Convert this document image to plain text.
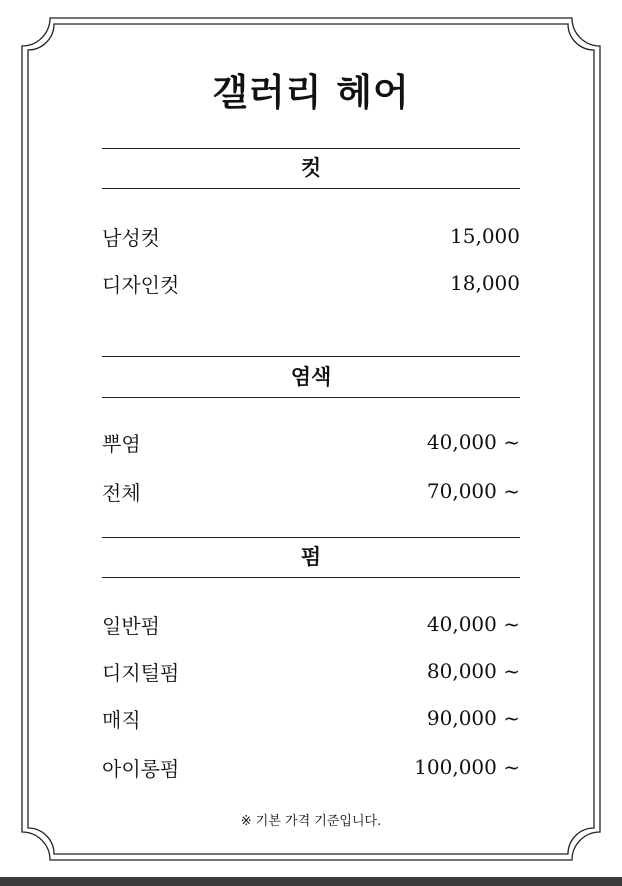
갤러리 헤어
컷
남성컷	15,000
디자인컷	18,000
염색
뿌염	40,000 ~
전체	70,000 ~
펌
일반펌	40,000 ~
디지털펌	80,000 ~
매직	90,000 ~
아이롱펌	100,000 ~
※ 기본 가격 기준입니다.
